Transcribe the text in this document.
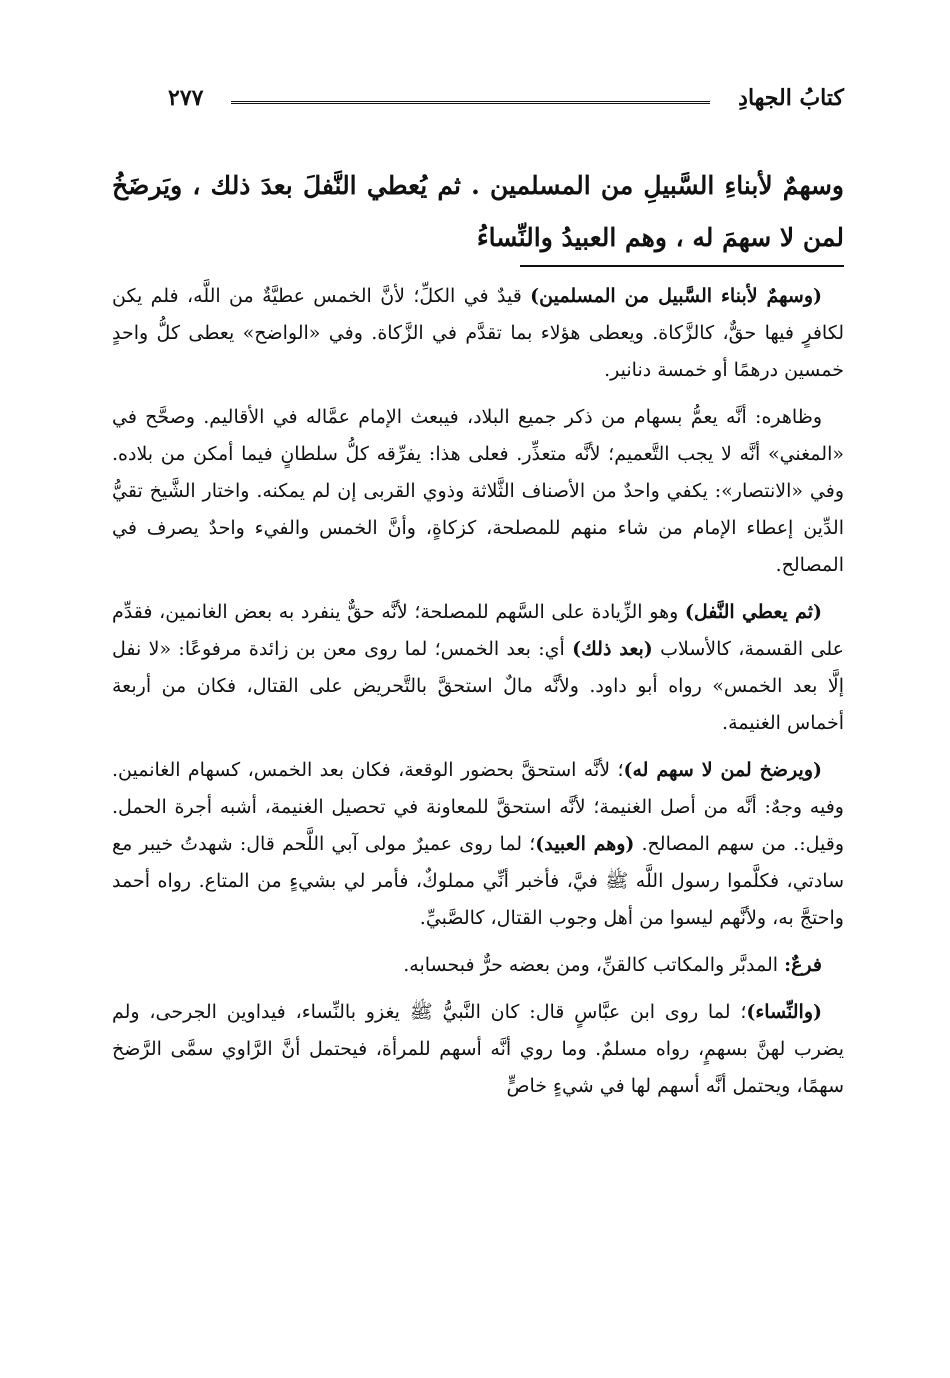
كتابُ الجهادِ
٢٧٧
وسهمٌ لأبناءِ السَّبيلِ من المسلمين . ثم يُعطي النَّفلَ بعدَ ذلك ، ويَرضَخُ لمن لا سهمَ له ، وهم العبيدُ والنِّساءُ

(وسهمٌ لأبناء السَّبيل من المسلمين) قيدٌ في الكلِّ؛ لأنَّ الخمس عطيَّةٌ من اللَّه، فلم يكن لكافرٍ فيها حقٌّ، كالزَّكاة. ويعطى هؤلاء بما تقدَّم في الزَّكاة. وفي «الواضح» يعطى كلُّ واحدٍ خمسين درهمًا أو خمسة دنانير.

وظاهره: أنَّه يعمُّ بسهام من ذكر جميع البلاد، فيبعث الإمام عمَّاله في الأقاليم. وصحَّح في «المغني» أنَّه لا يجب التَّعميم؛ لأنَّه متعذِّر. فعلى هذا: يفرِّقه كلُّ سلطانٍ فيما أمكن من بلاده. وفي «الانتصار»: يكفي واحدٌ من الأصناف الثَّلاثة وذوي القربى إن لم يمكنه. واختار الشَّيخ تقيُّ الدِّين إعطاء الإمام من شاء منهم للمصلحة، كزكاةٍ، وأنَّ الخمس والفيء واحدٌ يصرف في المصالح.

(ثم يعطي النَّفل) وهو الزِّيادة على السَّهم للمصلحة؛ لأنَّه حقٌّ ينفرد به بعض الغانمين، فقدِّم على القسمة، كالأسلاب (بعد ذلك) أي: بعد الخمس؛ لما روى معن بن زائدة مرفوعًا: «لا نفل إلَّا بعد الخمس» رواه أبو داود. ولأنَّه مالٌ استحقَّ بالتَّحريض على القتال، فكان من أربعة أخماس الغنيمة.

(ويرضخ لمن لا سهم له)؛ لأنَّه استحقَّ بحضور الوقعة، فكان بعد الخمس، كسهام الغانمين. وفيه وجهٌ: أنَّه من أصل الغنيمة؛ لأنَّه استحقَّ للمعاونة في تحصيل الغنيمة، أشبه أجرة الحمل. وقيل:. من سهم المصالح. (وهم العبيد)؛ لما روى عميرٌ مولى آبي اللَّحم قال: شهدتُ خيبر مع سادتي، فكلَّموا رسول اللَّه ﷺ فيَّ، فأخبر أنِّي مملوكٌ، فأمر لي بشيءٍ من المتاع. رواه أحمد واحتجَّ به، ولأنَّهم ليسوا من أهل وجوب القتال، كالصَّبيِّ.

فرعٌ: المدبَّر والمكاتب كالقنِّ، ومن بعضه حرٌّ فبحسابه.

(والنِّساء)؛ لما روى ابن عبَّاسٍ قال: كان النَّبيُّ ﷺ يغزو بالنِّساء، فيداوين الجرحى، ولم يضرب لهنَّ بسهمٍ، رواه مسلمٌ. وما روي أنَّه أسهم للمرأة، فيحتمل أنَّ الرَّاوي سمَّى الرَّضخ سهمًا، ويحتمل أنَّه أسهم لها في شيءٍ خاصٍّ
